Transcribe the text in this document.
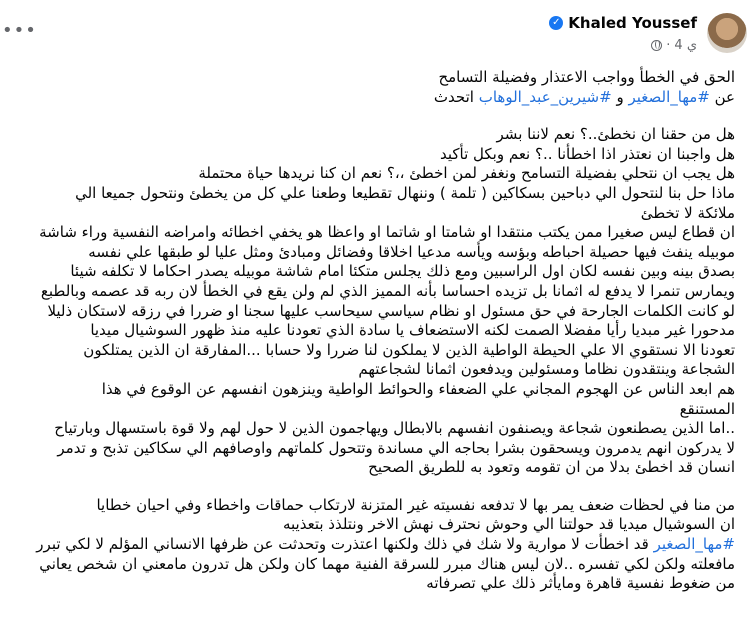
•••	✓ Khaled Youssef
· 4 ي

الحق في الخطأ وواجب الاعتذار وفضيلة التسامح
عن #مها_الصغير و #شيرين_عبد_الوهاب اتحدث

هل من حقنا ان نخطئ..؟ نعم لاننا بشر
هل واجبنا ان نعتذر اذا اخطأنا ..؟ نعم وبكل تأكيد
هل يجب ان نتحلي بفضيلة التسامح ونغفر لمن اخطئ ،،؟ نعم ان كنا نريدها حياة محتملة
ماذا حل بنا لنتحول الي دباحين بسكاكين ( تلمة ) وننهال تقطيعا وطعنا علي كل من يخطئ ونتحول جميعا الي
ملائكة لا تخطئ
ان قطاع ليس صغيرا ممن يكتب منتقدا او شامتا او شاتما او واعظا هو يخفي اخطائه وامراضه النفسية وراء شاشة
موبيله ينفث فيها حصيلة احباطه وبؤسه ويأسه مدعيا اخلاقا وفضائل ومبادئ ومثل عليا لو طبقها علي نفسه
بصدق بينه وبين نفسه لكان اول الراسبين ومع ذلك يجلس متكئا امام شاشة موبيله يصدر احكاما لا تكلفه شيئا
ويمارس تنمرا لا يدفع له اثمانا بل تزيده احساسا بأنه المميز الذي لم ولن يقع في الخطأ لان ربه قد عصمه وبالطبع
لو كانت الكلمات الجارحة في حق مسئول او نظام سياسي سيحاسب عليها سجنا او ضررا في رزقه لاستكان ذليلا
مدحورا غير مبديا رأيا مفضلا الصمت لكنه الاستضعاف يا سادة الذي تعودنا عليه منذ ظهور السوشيال ميديا
تعودنا الا نستقوي الا علي الحيطة الواطية الذين لا يملكون لنا ضررا ولا حسابا ...المفارقة ان الذين يمتلكون
الشجاعة وينتقدون نظاما ومسئولين ويدفعون اثمانا لشجاعتهم
هم ابعد الناس عن الهجوم المجاني علي الضعفاء والحوائط الواطية وينزهون انفسهم عن الوقوع في هذا
المستنقع
..اما الذين يصطنعون شجاعة ويصنفون انفسهم بالابطال ويهاجمون الذين لا حول لهم ولا قوة باستسهال وبارتياح
لا يدركون انهم يدمرون ويسحقون بشرا بحاجه الي مساندة وتتحول كلماتهم واوصافهم الي سكاكين تذبح و تدمر
انسان قد اخطئ بدلا من ان تقومه وتعود به للطريق الصحيح

من منا في لحظات ضعف يمر بها لا تدفعه نفسيته غير المتزنة لارتكاب حماقات واخطاء وفي احيان خطايا
ان السوشيال ميديا قد حولتنا الي وحوش نحترف نهش الاخر ونتلذذ بتعذيبه
#مها_الصغير قد اخطأت لا موارية ولا شك في ذلك ولكنها اعتذرت وتحدثت عن ظرفها الانساني المؤلم لا لكي تبرر
مافعلته ولكن لكي تفسره ..لان ليس هناك مبرر للسرقة الفنية مهما كان ولكن هل تدرون مامعني ان شخص يعاني
من ضغوط نفسية قاهرة ومايأثر ذلك علي تصرفاته
